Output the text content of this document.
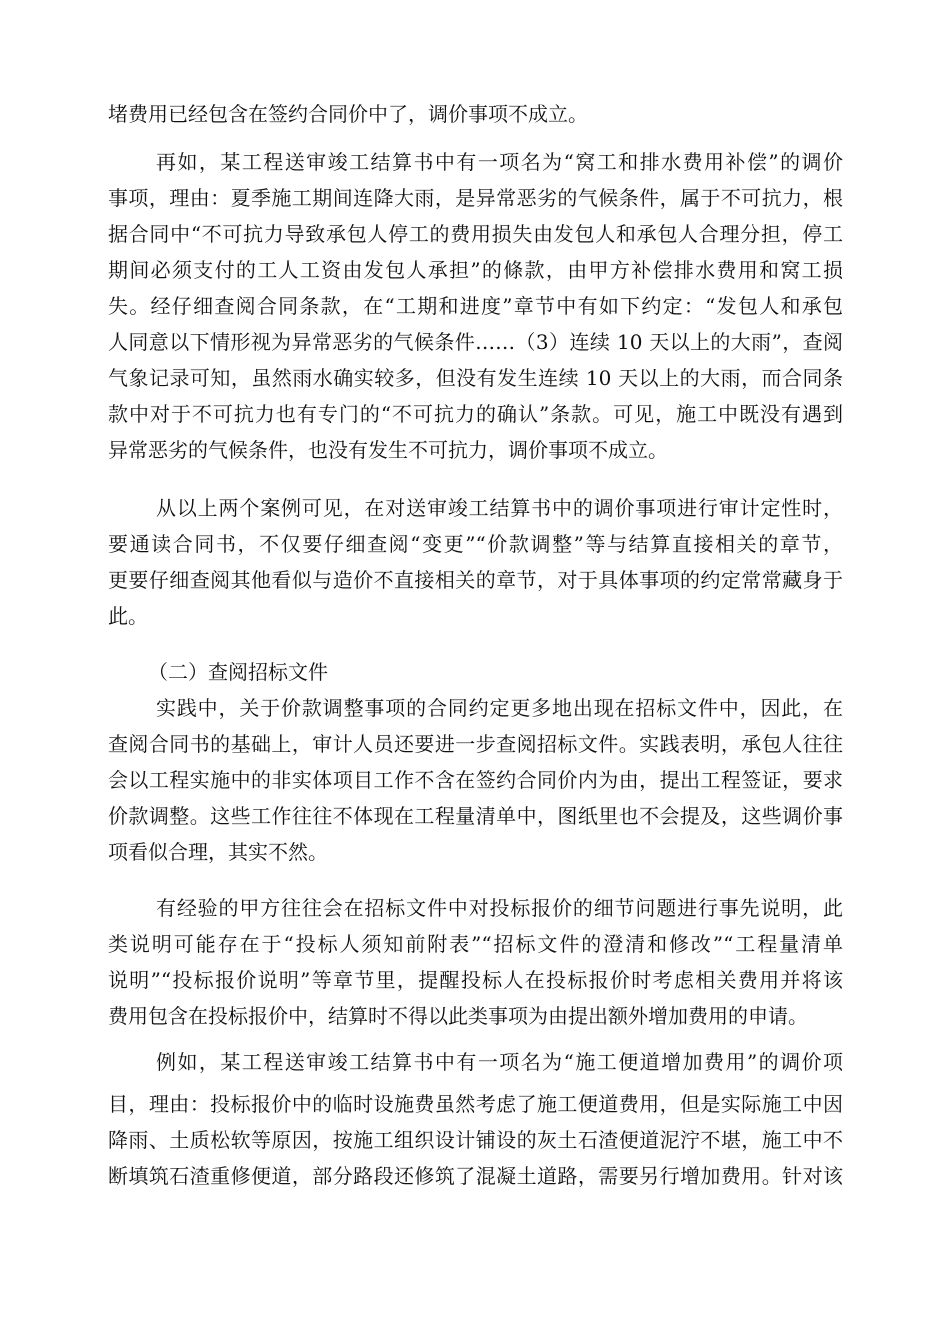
堵费用已经包含在签约合同价中了，调价事项不成立。
再如，某工程送审竣工结算书中有一项名为“窝工和排水费用补偿”的调价
事项，理由：夏季施工期间连降大雨，是异常恶劣的气候条件，属于不可抗力，根
据合同中“不可抗力导致承包人停工的费用损失由发包人和承包人合理分担，停工
期间必须支付的工人工资由发包人承担”的條款，由甲方补偿排水费用和窝工损
失。经仔细查阅合同条款，在“工期和进度”章节中有如下约定：“发包人和承包
人同意以下情形视为异常恶劣的气候条件……（3）连续 10 天以上的大雨”，查阅
气象记录可知，虽然雨水确实较多，但没有发生连续 10 天以上的大雨，而合同条
款中对于不可抗力也有专门的“不可抗力的确认”条款。可见，施工中既没有遇到
异常恶劣的气候条件，也没有发生不可抗力，调价事项不成立。
从以上两个案例可见，在对送审竣工结算书中的调价事项进行审计定性时，
要通读合同书，不仅要仔细查阅“变更”“价款调整”等与结算直接相关的章节，
更要仔细查阅其他看似与造价不直接相关的章节，对于具体事项的约定常常藏身于
此。
（二）查阅招标文件
实践中，关于价款调整事项的合同约定更多地出现在招标文件中，因此，在
查阅合同书的基础上，审计人员还要进一步查阅招标文件。实践表明，承包人往往
会以工程实施中的非实体项目工作不含在签约合同价内为由，提出工程签证，要求
价款调整。这些工作往往不体现在工程量清单中，图纸里也不会提及，这些调价事
项看似合理，其实不然。
有经验的甲方往往会在招标文件中对投标报价的细节问题进行事先说明，此
类说明可能存在于“投标人须知前附表”“招标文件的澄清和修改”“工程量清单
说明”“投标报价说明”等章节里，提醒投标人在投标报价时考虑相关费用并将该
费用包含在投标报价中，结算时不得以此类事项为由提出额外增加费用的申请。
例如，某工程送审竣工结算书中有一项名为“施工便道增加费用”的调价项
目，理由：投标报价中的临时设施费虽然考虑了施工便道费用，但是实际施工中因
降雨、土质松软等原因，按施工组织设计铺设的灰土石渣便道泥泞不堪，施工中不
断填筑石渣重修便道，部分路段还修筑了混凝土道路，需要另行增加费用。针对该
